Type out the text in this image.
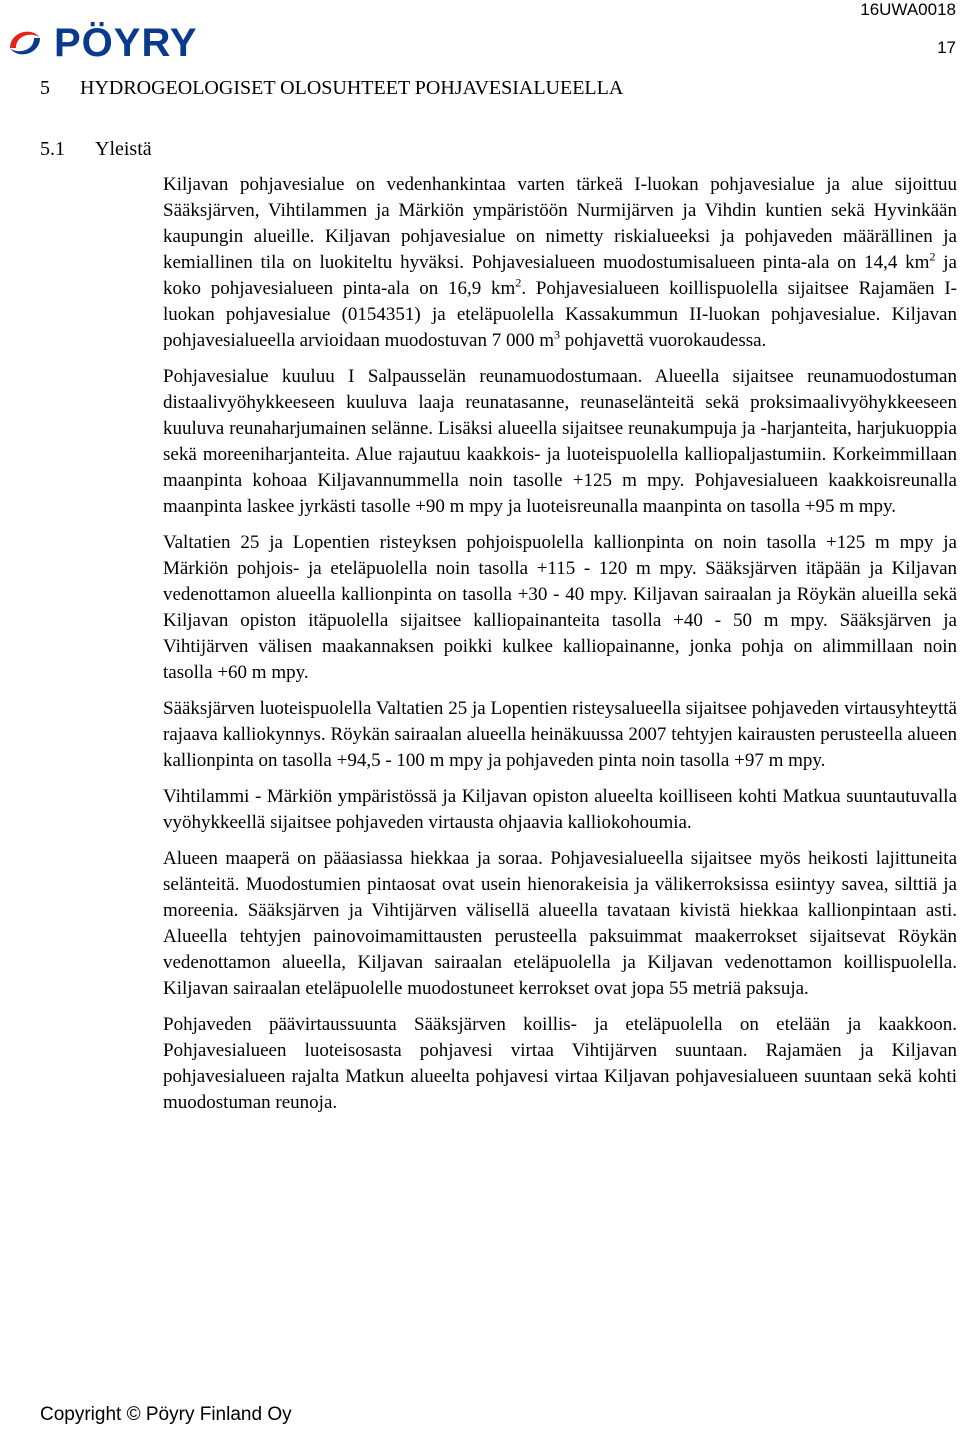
PÖYRY
16UWA0018
17
5 HYDROGEOLOGISET OLOSUHTEET POHJAVESIALUEELLA
5.1 Yleistä

Kiljavan pohjavesialue on vedenhankintaa varten tärkeä I-luokan pohjavesialue ja alue sijoittuu Sääksjärven, Vihtilammen ja Märkiön ympäristöön Nurmijärven ja Vihdin kuntien sekä Hyvinkään kaupungin alueille. Kiljavan pohjavesialue on nimetty riskialueeksi ja pohjaveden määrällinen ja kemiallinen tila on luokiteltu hyväksi. Pohjavesialueen muodostumisalueen pinta-ala on 14,4 $km^2$ ja koko pohjavesialueen pinta-ala on 16,9 $km^2$. Pohjavesialueen koillispuolella sijaitsee Rajamäen I-luokan pohjavesialue (0154351) ja eteläpuolella Kassakummun II-luokan pohjavesialue. Kiljavan pohjavesialueella arvioidaan muodostuvan 7 000 $m^3$ pohjavettä vuorokaudessa.

Pohjavesialue kuuluu I Salpausselän reunamuodostumaan. Alueella sijaitsee reunamuodostuman distaalivyöhykkeeseen kuuluva laaja reunatasanne, reunaselänteitä sekä proksimaalivyöhykkeeseen kuuluva reunaharjumainen selänne. Lisäksi alueella sijaitsee reunakumpuja ja -harjanteita, harjukuoppia sekä moreeniharjanteita. Alue rajautuu kaakkois- ja luoteispuolella kalliopaljastumiin. Korkeimmillaan maanpinta kohoaa Kiljavannummella noin tasolle +125 m mpy. Pohjavesialueen kaakkoisreunalla maanpinta laskee jyrkästi tasolle +90 m mpy ja luoteisreunalla maanpinta on tasolla +95 m mpy.

Valtatien 25 ja Lopentien risteyksen pohjoispuolella kallionpinta on noin tasolla +125 m mpy ja Märkiön pohjois- ja eteläpuolella noin tasolla +115 - 120 m mpy. Sääksjärven itäpään ja Kiljavan vedenottamon alueella kallionpinta on tasolla +30 - 40 mpy. Kiljavan sairaalan ja Röykän alueilla sekä Kiljavan opiston itäpuolella sijaitsee kalliopainanteita tasolla +40 - 50 m mpy. Sääksjärven ja Vihtijärven välisen maakannaksen poikki kulkee kalliopainanne, jonka pohja on alimmillaan noin tasolla +60 m mpy.

Sääksjärven luoteispuolella Valtatien 25 ja Lopentien risteysalueella sijaitsee pohjaveden virtausyhteyttä rajaava kalliokynnys. Röykän sairaalan alueella heinäkuussa 2007 tehtyjen kairausten perusteella alueen kallionpinta on tasolla +94,5 - 100 m mpy ja pohjaveden pinta noin tasolla +97 m mpy.

Vihtilammi - Märkiön ympäristössä ja Kiljavan opiston alueelta koilliseen kohti Matkua suuntautuvalla vyöhykkeellä sijaitsee pohjaveden virtausta ohjaavia kalliokohoumia.

Alueen maaperä on pääasiassa hiekkaa ja soraa. Pohjavesialueella sijaitsee myös heikosti lajittuneita selänteitä. Muodostumien pintaosat ovat usein hienorakeisia ja välikerroksissa esiintyy savea, silttiä ja moreenia. Sääksjärven ja Vihtijärven välisellä alueella tavataan kivistä hiekkaa kallionpintaan asti. Alueella tehtyjen painovoimamittausten perusteella paksuimmat maakerrokset sijaitsevat Röykän vedenottamon alueella, Kiljavan sairaalan eteläpuolella ja Kiljavan vedenottamon koillispuolella. Kiljavan sairaalan eteläpuolelle muodostuneet kerrokset ovat jopa 55 metriä paksuja.

Pohjaveden päävirtaussuunta Sääksjärven koillis- ja eteläpuolella on etelään ja kaakkoon. Pohjavesialueen luoteisosasta pohjavesi virtaa Vihtijärven suuntaan. Rajamäen ja Kiljavan pohjavesialueen rajalta Matkun alueelta pohjavesi virtaa Kiljavan pohjavesialueen suuntaan sekä kohti muodostuman reunoja.

Copyright © Pöyry Finland Oy
